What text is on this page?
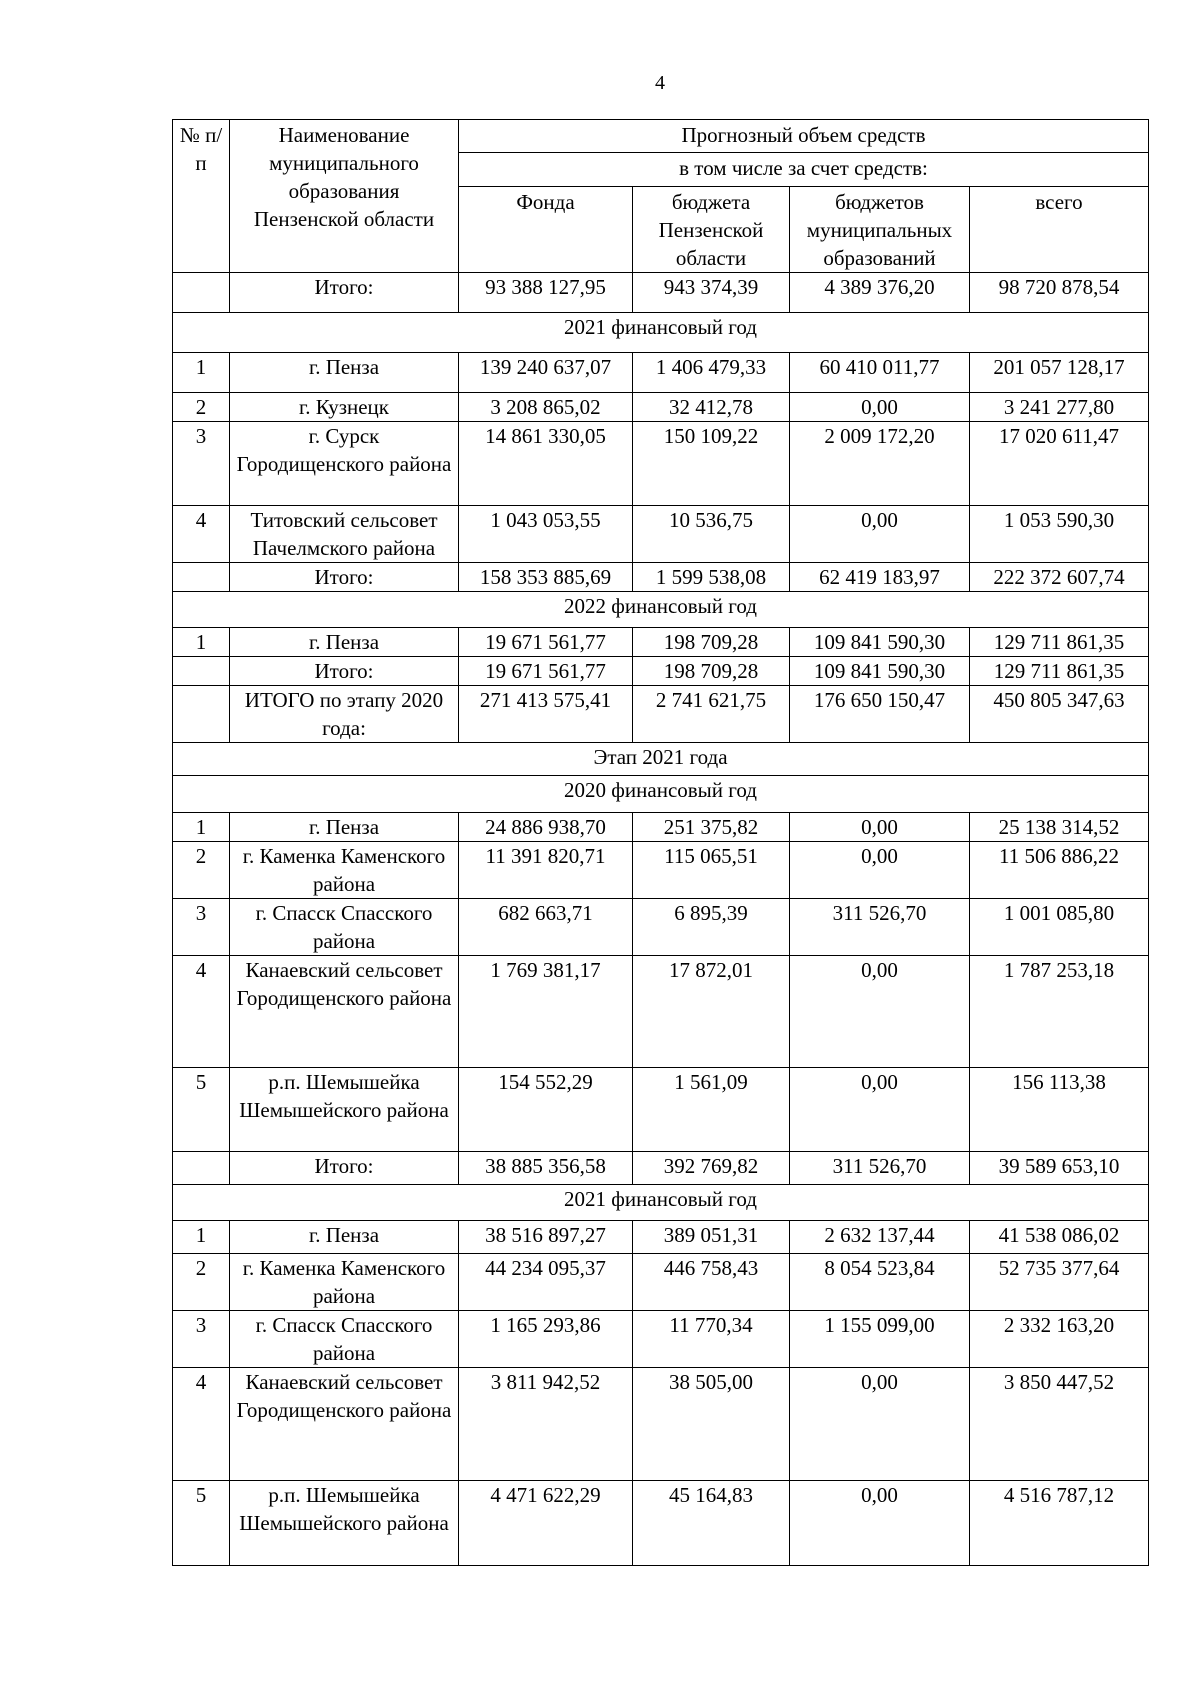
4
№ п/п	Наименование муниципального образования Пензенской области	Прогнозный объем средств			
		в том числе за счет средств:			
		Фонда	бюджета Пензенской области	бюджетов муниципальных образований	всего
	Итого:	93 388 127,95	943 374,39	4 389 376,20	98 720 878,54
2021 финансовый год					
1	г. Пенза	139 240 637,07	1 406 479,33	60 410 011,77	201 057 128,17
2	г. Кузнецк	3 208 865,02	32 412,78	0,00	3 241 277,80
3	г. Сурск Городищенского района	14 861 330,05	150 109,22	2 009 172,20	17 020 611,47
4	Титовский сельсовет Пачелмского района	1 043 053,55	10 536,75	0,00	1 053 590,30
	Итого:	158 353 885,69	1 599 538,08	62 419 183,97	222 372 607,74
2022 финансовый год					
1	г. Пенза	19 671 561,77	198 709,28	109 841 590,30	129 711 861,35
	Итого:	19 671 561,77	198 709,28	109 841 590,30	129 711 861,35
	ИТОГО по этапу 2020 года:	271 413 575,41	2 741 621,75	176 650 150,47	450 805 347,63
Этап 2021 года					
2020 финансовый год					
1	г. Пенза	24 886 938,70	251 375,82	0,00	25 138 314,52
2	г. Каменка Каменского района	11 391 820,71	115 065,51	0,00	11 506 886,22
3	г. Спасск Спасского района	682 663,71	6 895,39	311 526,70	1 001 085,80
4	Канаевский сельсовет Городищенского района	1 769 381,17	17 872,01	0,00	1 787 253,18
5	р.п. Шемышейка Шемышейского района	154 552,29	1 561,09	0,00	156 113,38
	Итого:	38 885 356,58	392 769,82	311 526,70	39 589 653,10
2021 финансовый год					
1	г. Пенза	38 516 897,27	389 051,31	2 632 137,44	41 538 086,02
2	г. Каменка Каменского района	44 234 095,37	446 758,43	8 054 523,84	52 735 377,64
3	г. Спасск Спасского района	1 165 293,86	11 770,34	1 155 099,00	2 332 163,20
4	Канаевский сельсовет Городищенского района	3 811 942,52	38 505,00	0,00	3 850 447,52
5	р.п. Шемышейка Шемышейского района	4 471 622,29	45 164,83	0,00	4 516 787,12
